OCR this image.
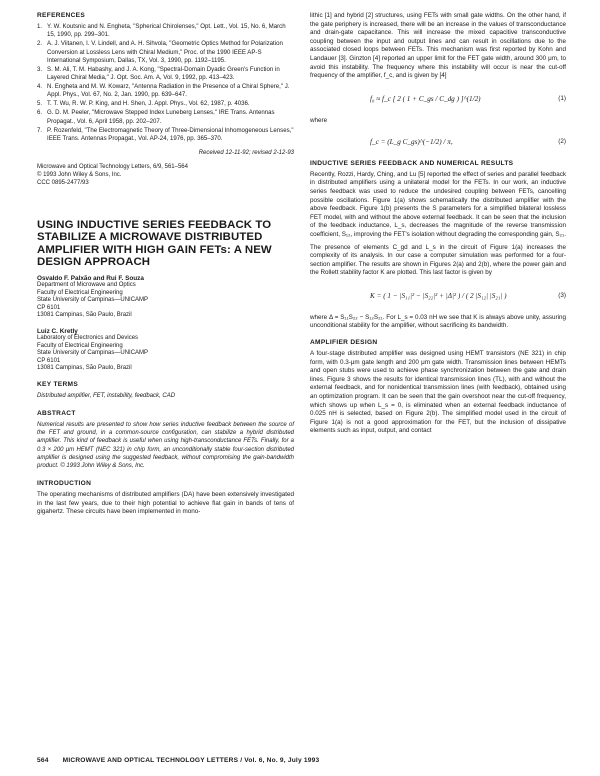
REFERENCES
1. Y. W. Koutsnic and N. Engheta, "Spherical Chirolenses," Opt. Lett., Vol. 15, No. 6, March 15, 1990, pp. 299–301.
2. A. J. Viitanen, I. V. Lindell, and A. H. Sihvola, "Geometric Optics Method for Polarization Conversion at Lossless Lens with Chiral Medium," Proc. of the 1990 IEEE AP-S International Symposium, Dallas, TX, Vol. 3, 1990, pp. 1192–1195.
3. S. M. Ali, T. M. Habashy, and J. A. Kong, "Spectral-Domain Dyadic Green's Function in Layered Chiral Media," J. Opt. Soc. Am. A, Vol. 9, 1992, pp. 413–423.
4. N. Engheta and M. W. Kowarz, "Antenna Radiation in the Presence of a Chiral Sphere," J. Appl. Phys., Vol. 67, No. 2, Jan. 1990, pp. 639–647.
5. T. T. Wu, R. W. P. King, and H. Shen, J. Appl. Phys., Vol. 62, 1987, p. 4036.
6. G. D. M. Peeler, "Microwave Stepped Index Luneberg Lenses," IRE Trans. Antennas Propagat., Vol. 6, April 1958, pp. 202–207.
7. P. Rozenfeld, "The Electromagnetic Theory of Three-Dimensional Inhomogeneous Lenses," IEEE Trans. Antennas Propagat., Vol. AP-24, 1976, pp. 365–370.
Received 12-11-92; revised 2-12-93
Microwave and Optical Technology Letters, 6/9, 561–564
© 1993 John Wiley & Sons, Inc.
CCC 0895-2477/93
USING INDUCTIVE SERIES FEEDBACK TO STABILIZE A MICROWAVE DISTRIBUTED AMPLIFIER WITH HIGH GAIN FETs: A NEW DESIGN APPROACH
Osvaldo F. Palxão and Rui F. Souza
Department of Microwave and Optics
Faculty of Electrical Engineering
State University of Campinas—UNICAMP
CP 6101
13081 Campinas, São Paulo, Brazil
Luiz C. Kretly
Laboratory of Electronics and Devices
Faculty of Electrical Engineering
State University of Campinas—UNICAMP
CP 6101
13081 Campinas, São Paulo, Brazil
KEY TERMS
Distributed amplifier, FET, instability, feedback, CAD
ABSTRACT
Numerical results are presented to show how series inductive feedback between the source of the FET and ground, in a common-source configuration, can stabilize a hybrid distributed amplifier. This kind of feedback is useful when using high-transconductance FETs. Finally, for a 0.3 × 200 μm HEMT (NEC 321) in chip form, an unconditionally stable four-section distributed amplifier is designed using the suggested feedback, without compromising the gain-bandwidth product. © 1993 John Wiley & Sons, Inc.
INTRODUCTION
The operating mechanisms of distributed amplifiers (DA) have been extensively investigated in the last few years, due to their high potential to achieve flat gain in bands of tens of gigahertz. These circuits have been implemented in mono-
lithic [1] and hybrid [2] structures, using FETs with small gate widths. On the other hand, if the gate periphery is increased, there will be an increase in the values of transconductance and drain-gate capacitance. This will increase the mixed capacitive transconductive coupling between the input and output lines and can result in oscillations due to the associated closed loops between FETs. This mechanism was first reported by Kohn and Landauer [3]. Ginzton [4] reported an upper limit for the FET gate width, around 300 μm, to avoid this instability. The frequency where this instability will occur is near the cut-off frequency of the amplifier, f_c, and is given by [4]
f₀ ≈ f_c [ 2 ( 1 + C_gs / C_dg ) ]^(1/2)	(1)
where
f_c = (L_g C_gs)^(−1/2) / π,	(2)
INDUCTIVE SERIES FEEDBACK AND NUMERICAL RESULTS
Recently, Rozzi, Hardy, Ching, and Lu [5] reported the effect of series and parallel feedback in distributed amplifiers using a unilateral model for the FETs. In our work, an inductive series feedback was used to reduce the undesired coupling between FETs, cancelling possible oscillations. Figure 1(a) shows schematically the distributed amplifier with the above feedback. Figure 1(b) presents the S parameters for a simplified bilateral lossless FET model, with and without the above external feedback. It can be seen that the inclusion of the feedback inductance, L_s, decreases the magnitude of the reverse transmission coefficient, S₁₂, improving the FET's isolation without degrading the corresponding gain, S₂₁.
The presence of elements C_gd and L_s in the circuit of Figure 1(a) increases the complexity of its analysis. In our case a computer simulation was performed for a four-section amplifier. The results are shown in Figures 2(a) and 2(b), where the power gain and the Rollett stability factor K are plotted. This last factor is given by
K = ( 1 − |S₁₁|² − |S₂₂|² + |Δ|² ) / ( 2 |S₁₂| |S₂₁| )	(3)
where Δ = S₁₁S₂₂ − S₁₂S₂₁. For L_s = 0.03 nH we see that K is always above unity, assuring unconditional stability for the amplifier, without sacrificing its bandwidth.
AMPLIFIER DESIGN
A four-stage distributed amplifier was designed using HEMT transistors (NE 321) in chip form, with 0.3-μm gate length and 200 μm gate width. Transmission lines between HEMTs and open stubs were used to achieve phase synchronization between the gate and drain lines. Figure 3 shows the results for identical transmission lines (TL), with and without the external feedback, and for nonidentical transmission lines (with feedback), obtained using an optimization program. It can be seen that the gain overshoot near the cut-off frequency, which shows up when L_s = 0, is eliminated when an external feedback inductance of 0.025 nH is selected, based on Figure 2(b). The simplified model used in the circuit of Figure 1(a) is not a good approximation for the FET, but the inclusion of dissipative elements such as input, output, and contact
564 MICROWAVE AND OPTICAL TECHNOLOGY LETTERS / Vol. 6, No. 9, July 1993
